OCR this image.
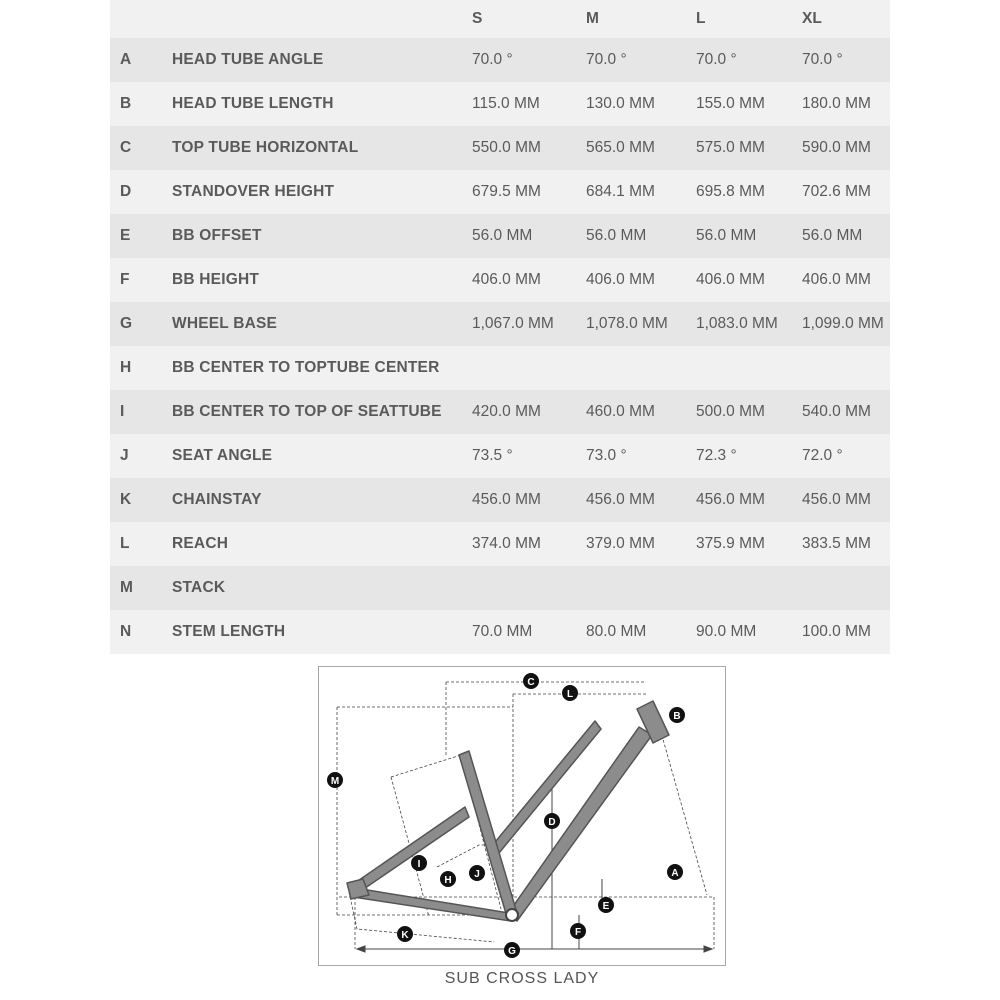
		S	M	L	XL
A	HEAD TUBE ANGLE	70.0 °	70.0 °	70.0 °	70.0 °
B	HEAD TUBE LENGTH	115.0 MM	130.0 MM	155.0 MM	180.0 MM
C	TOP TUBE HORIZONTAL	550.0 MM	565.0 MM	575.0 MM	590.0 MM
D	STANDOVER HEIGHT	679.5 MM	684.1 MM	695.8 MM	702.6 MM
E	BB OFFSET	56.0 MM	56.0 MM	56.0 MM	56.0 MM
F	BB HEIGHT	406.0 MM	406.0 MM	406.0 MM	406.0 MM
G	WHEEL BASE	1,067.0 MM	1,078.0 MM	1,083.0 MM	1,099.0 MM
H	BB CENTER TO TOPTUBE CENTER				
I	BB CENTER TO TOP OF SEATTUBE	420.0 MM	460.0 MM	500.0 MM	540.0 MM
J	SEAT ANGLE	73.5 °	73.0 °	72.3 °	72.0 °
K	CHAINSTAY	456.0 MM	456.0 MM	456.0 MM	456.0 MM
L	REACH	374.0 MM	379.0 MM	375.9 MM	383.5 MM
M	STACK				
N	STEM LENGTH	70.0 MM	80.0 MM	90.0 MM	100.0 MM
A
B
C
D
E
F
G
H
I
J
K
L
M
SUB CROSS LADY
